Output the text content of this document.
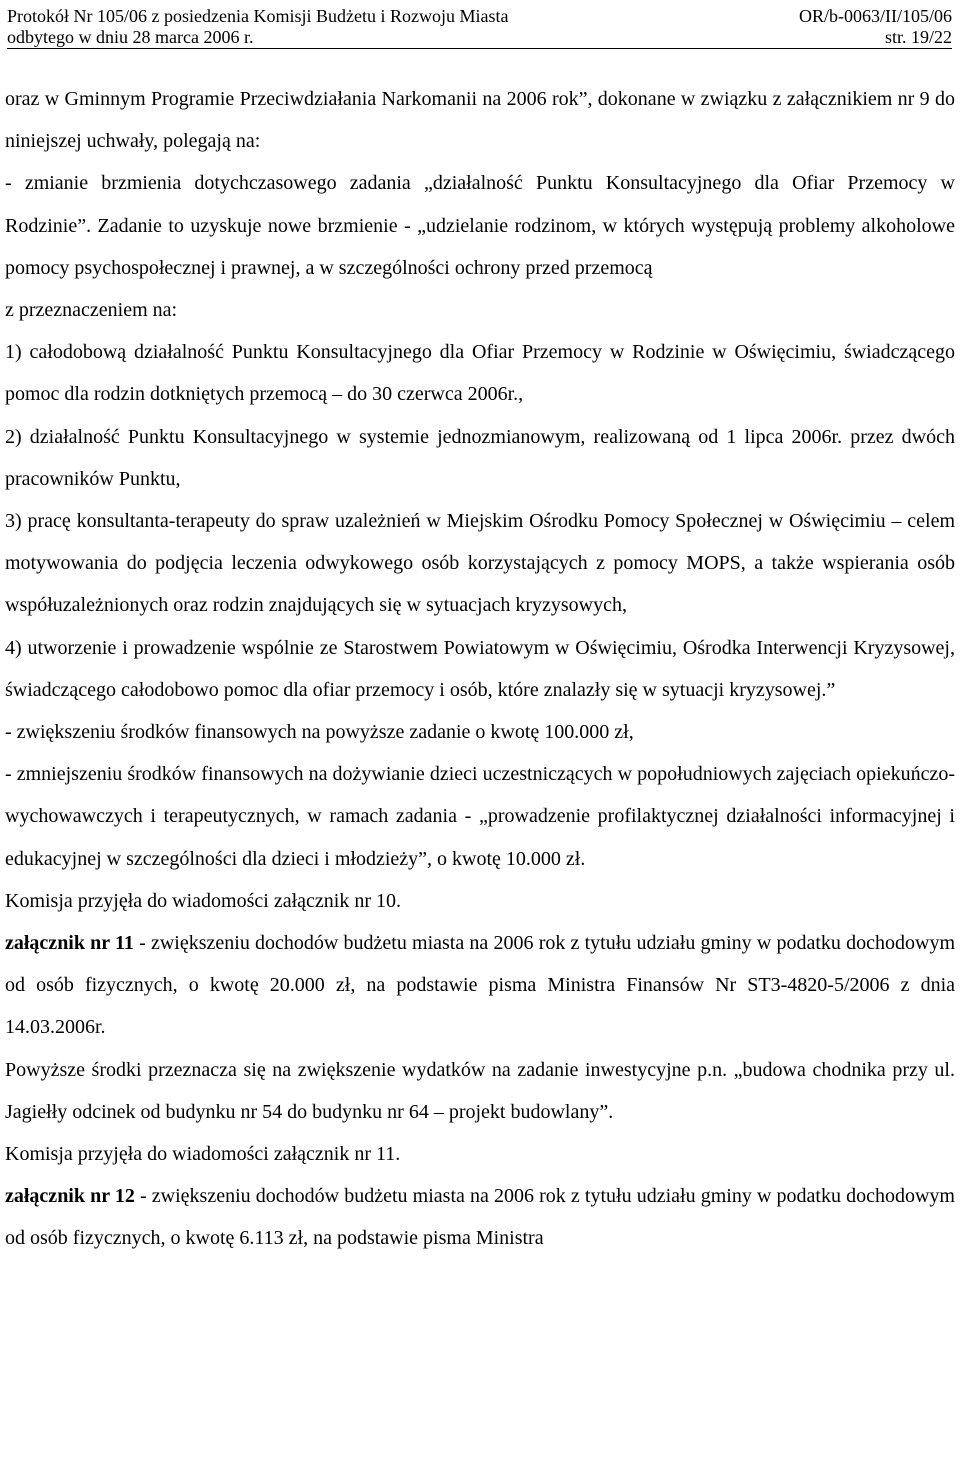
Protokół Nr 105/06 z posiedzenia Komisji Budżetu i Rozwoju Miasta	OR/b-0063/II/105/06
odbytego w dniu 28 marca 2006 r.	str. 19/22

oraz w Gminnym Programie Przeciwdziałania Narkomanii na 2006 rok”, dokonane w związku z załącznikiem nr 9 do niniejszej uchwały, polegają na:

- zmianie brzmienia dotychczasowego zadania „działalność Punktu Konsultacyjnego dla Ofiar Przemocy w Rodzinie”. Zadanie to uzyskuje nowe brzmienie - „udzielanie rodzinom, w których występują problemy alkoholowe pomocy psychospołecznej i prawnej, a w szczególności ochrony przed przemocą

z przeznaczeniem na:

1) całodobową działalność Punktu Konsultacyjnego dla Ofiar Przemocy w Rodzinie w Oświęcimiu, świadczącego pomoc dla rodzin dotkniętych przemocą – do 30 czerwca 2006r.,

2) działalność Punktu Konsultacyjnego w systemie jednozmianowym, realizowaną od 1 lipca 2006r. przez dwóch pracowników Punktu,

3) pracę konsultanta-terapeuty do spraw uzależnień w Miejskim Ośrodku Pomocy Społecznej w Oświęcimiu – celem motywowania do podjęcia leczenia odwykowego osób korzystających z pomocy MOPS, a także wspierania osób współuzależnionych oraz rodzin znajdujących się w sytuacjach kryzysowych,

4) utworzenie i prowadzenie wspólnie ze Starostwem Powiatowym w Oświęcimiu, Ośrodka Interwencji Kryzysowej, świadczącego całodobowo pomoc dla ofiar przemocy i osób, które znalazły się w sytuacji kryzysowej.”

- zwiększeniu środków finansowych na powyższe zadanie o kwotę 100.000 zł,

- zmniejszeniu środków finansowych na dożywianie dzieci uczestniczących w popołudniowych zajęciach opiekuńczo-wychowawczych i terapeutycznych, w ramach zadania - „prowadzenie profilaktycznej działalności informacyjnej i edukacyjnej w szczególności dla dzieci i młodzieży”, o kwotę 10.000 zł.

Komisja przyjęła do wiadomości załącznik nr 10.

załącznik nr 11 - zwiększeniu dochodów budżetu miasta na 2006 rok z tytułu udziału gminy w podatku dochodowym od osób fizycznych, o kwotę 20.000 zł, na podstawie pisma Ministra Finansów Nr ST3-4820-5/2006 z dnia 14.03.2006r.

Powyższe środki przeznacza się na zwiększenie wydatków na zadanie inwestycyjne p.n. „budowa chodnika przy ul. Jagiełły odcinek od budynku nr 54 do budynku nr 64 – projekt budowlany”.

Komisja przyjęła do wiadomości załącznik nr 11.

załącznik nr 12 - zwiększeniu dochodów budżetu miasta na 2006 rok z tytułu udziału gminy w podatku dochodowym od osób fizycznych, o kwotę 6.113 zł, na podstawie pisma Ministra
